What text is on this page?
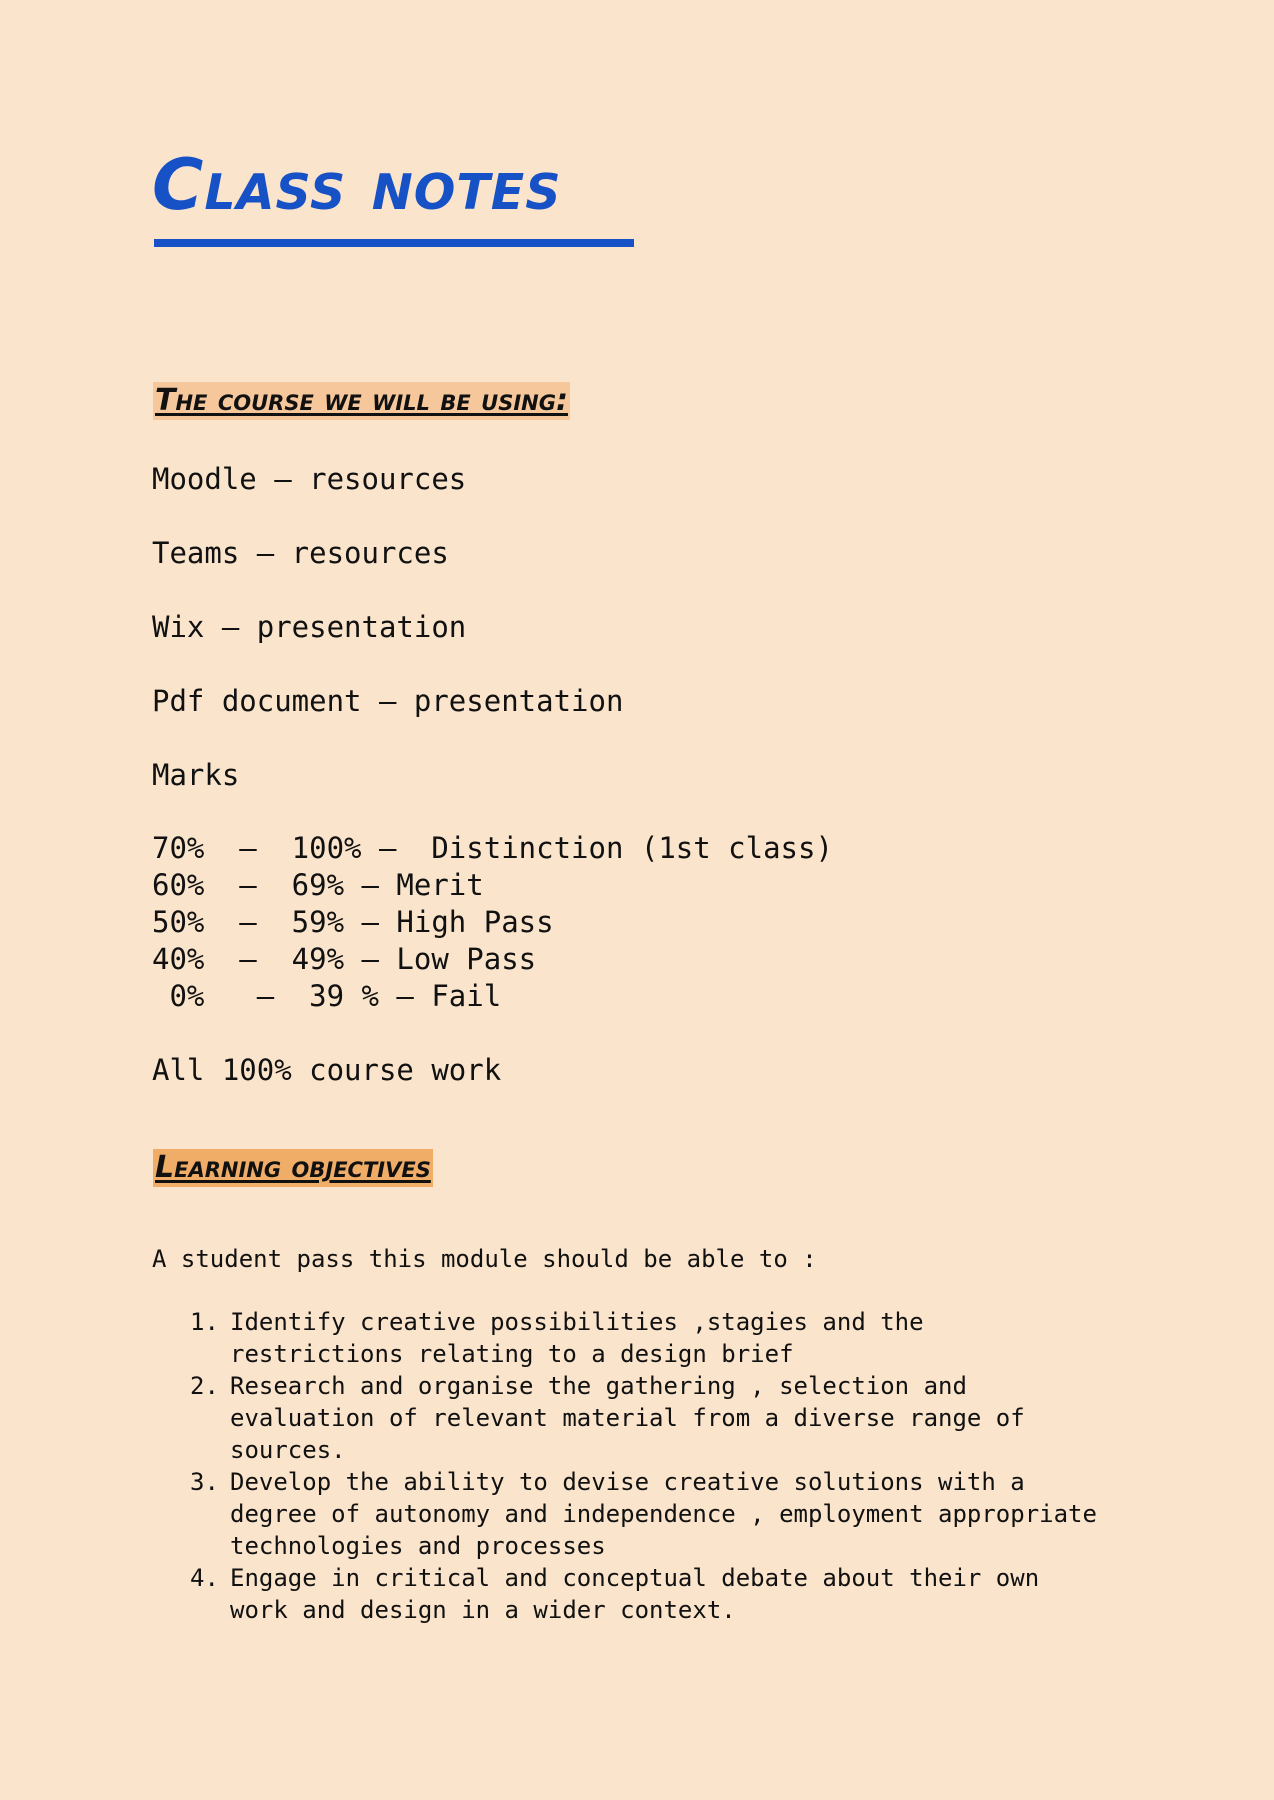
Class notes
The course we will be using:

Moodle – resources

Teams – resources

Wix – presentation

Pdf document – presentation

Marks

70%  –  100% –  Distinction (1st class)

60%  –  69% – Merit

50%  –  59% – High Pass

40%  –  49% – Low Pass

0%   –  39 % – Fail

All 100% course work

Learning objectives

A student pass this module should be able to :

1. Identify creative possibilities ,stagies and the restrictions relating to a design brief
2. Research and organise the gathering , selection and evaluation of relevant material from a diverse range of sources.
3. Develop the ability to devise creative solutions with a degree of autonomy and independence , employment appropriate technologies and processes
4. Engage in critical and conceptual debate about their own work and design in a wider context.
